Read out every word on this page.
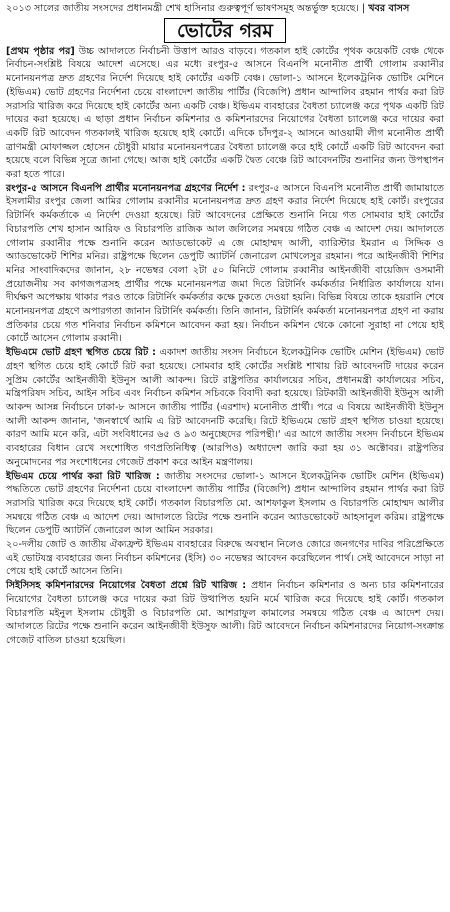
২০১৩ সালের জাতীয় সংসদের প্রধানমন্ত্রী শেখ হাসিনার গুরুত্বপূর্ণ ভাষণসমূহ অন্তর্ভুক্ত হয়েছে। | খবর বাসস

ভোটের গরম

[প্রথম পৃষ্ঠার পর] উচ্চ আদালতে নির্বাচনী উত্তাপ আরও বাড়বে। গতকাল হাই কোর্টের পৃথক কয়েকটি বেঞ্চ থেকে নির্বাচন-সংশ্লিষ্ট বিষয়ে আদেশ এসেছে। এর মধ্যে রংপুর-৫ আসনে বিএনপি মনোনীত প্রার্থী গোলাম রব্বানীর মনোনয়নপত্র দ্রুত গ্রহণের নির্দেশ দিয়েছে হাই কোর্টের একটি বেঞ্চ। ভোলা-১ আসনে ইলেকট্রনিক ভোটিং মেশিনে (ইভিএম) ভোট গ্রহণের নির্দেশনা চেয়ে বাংলাদেশ জাতীয় পার্টির (বিজেপি) প্রধান আন্দালিব রহমান পার্থর করা রিট সরাসরি খারিজ করে দিয়েছে হাই কোর্টের অন্য একটি বেঞ্চ। ইভিএম ব্যবহারের বৈধতা চ্যালেঞ্জ করে পৃথক একটি রিট দায়ের করা হয়েছে। এ ছাড়া প্রধান নির্বাচন কমিশনার ও কমিশনারদের নিয়োগের বৈধতা চ্যালেঞ্জ করে দায়ের করা একটি রিট আবেদন গতকালই খারিজ হয়েছে হাই কোর্টে। এদিকে চাঁদপুর-২ আসনে আওয়ামী লীগ মনোনীত প্রার্থী ত্রাণমন্ত্রী মোফাজ্জল হোসেন চৌধুরী মায়ার মনোনয়নপত্রের বৈধতা চ্যালেঞ্জ করে হাই কোর্টে একটি রিট আবেদন করা হয়েছে বলে বিভিন্ন সূত্রে জানা গেছে। আজ হাই কোর্টের একটি দ্বৈত বেঞ্চে রিট আবেদনটির শুনানির জন্য উপস্থাপন করা হতে পারে।

রংপুর-৫ আসনে বিএনপি প্রার্থীর মনোনয়নপত্র গ্রহণের নির্দেশ : রংপুর-৫ আসনে বিএনপি মনোনীত প্রার্থী জামায়াতে ইসলামীর রংপুর জেলা আমির গোলাম রব্বানীর মনোনয়নপত্র দ্রুত গ্রহণ করার নির্দেশ দিয়েছে হাই কোর্ট। রংপুরের রিটার্নিং কর্মকর্তাকে এ নির্দেশ দেওয়া হয়েছে। রিট আবেদনের প্রেক্ষিতে শুনানি নিয়ে গত সোমবার হাই কোর্টের বিচারপতি শেখ হাসান আরিফ ও বিচারপতি রাজিক আল জলিলের সমন্বয়ে গঠিত বেঞ্চ এ আদেশ দেয়। আদালতে গোলাম রব্বানীর পক্ষে শুনানি করেন অ্যাডভোকেট এ জে মোহাম্মদ আলী, ব্যারিস্টার ইমরান এ সিদ্দিক ও অ্যাডভোকেট শিশির মনির। রাষ্ট্রপক্ষে ছিলেন ডেপুটি অ্যাটর্নি জেনারেল মোখলেসুর রহমান। পরে আইনজীবী শিশির মনির সাংবাদিকদের জানান, ২৮ নভেম্বর বেলা ২টা ৫০ মিনিটে গোলাম রব্বানীর আইনজীবী বায়েজিদ ওসমানী প্রয়োজনীয় সব কাগজপত্রসহ প্রার্থীর পক্ষে মনোনয়নপত্র জমা দিতে রিটার্নিং কর্মকর্তার নির্ধারিত কার্যালয়ে যান। দীর্ঘক্ষণ অপেক্ষায় থাকার পরও তাকে রিটার্নিং কর্মকর্তার কক্ষে ঢুকতে দেওয়া হয়নি। বিভিন্ন বিষয়ে তাকে হয়রানি শেষে মনোনয়নপত্র গ্রহণে অপারগতা জানান রিটার্নিং কর্মকর্তা। তিনি জানান, রিটার্নিং কর্মকর্তা মনোনয়নপত্র গ্রহণ না করায় প্রতিকার চেয়ে গত শনিবার নির্বাচন কমিশনে আবেদন করা হয়। নির্বাচন কমিশন থেকে কোনো সুরাহা না পেয়ে হাই কোর্টে আসেন গোলাম রব্বানী।

ইভিএমে ভোট গ্রহণ স্থগিত চেয়ে রিট : একাদশ জাতীয় সংসদ নির্বাচনে ইলেকট্রনিক ভোটিং মেশিন (ইভিএম) ভোট গ্রহণ স্থগিত চেয়ে হাই কোর্টে রিট করা হয়েছে। সোমবার হাই কোর্টের সংশ্লিষ্ট শাখায় রিট আবেদনটি দায়ের করেন সুপ্রিম কোর্টের আইনজীবী ইউনুস আলী আকন্দ। রিটে রাষ্ট্রপতির কার্যালয়ের সচিব, প্রধানমন্ত্রী কার্যালয়ের সচিব, মন্ত্রিপরিষদ সচিব, আইন সচিব এবং নির্বাচন কমিশন সচিবকে বিবাদী করা হয়েছে। রিটকারী আইনজীবী ইউনুস আলী আকন্দ আসন্ন নির্বাচনে ঢাকা-৮ আসনে জাতীয় পার্টির (এরশাদ) মনোনীত প্রার্থী। পরে এ বিষয়ে আইনজীবী ইউনুস আলী আকন্দ জানান, 'জনস্বার্থে আমি এ রিট আবেদনটি করেছি। রিটে ইভিএমে ভোট গ্রহণ স্থগিত চাওয়া হয়েছে। কারণ আমি মনে করি, এটা সংবিধানের ৬৫ ও ৯৩ অনুচ্ছেদের পরিপন্থী।' এর আগে জাতীয় সংসদ নির্বাচনে ইভিএম ব্যবহারের বিধান রেখে সংশোধিত গণপ্রতিনিধিত্ব (আরপিও) অধ্যাদেশ জারি করা হয় ৩১ অক্টোবর। রাষ্ট্রপতির অনুমোদনের পর সংশোধনের গেজেট প্রকাশ করে আইন মন্ত্রণালয়।

ইভিএম চেয়ে পার্থর করা রিট খারিজ : জাতীয় সংসদের ভোলা-১ আসনে ইলেকট্রনিক ভোটিং মেশিন (ইভিএম) পদ্ধতিতে ভোট গ্রহণের নির্দেশনা চেয়ে বাংলাদেশ জাতীয় পার্টির (বিজেপি) প্রধান আন্দালিব রহমান পার্থর করা রিট সরাসরি খারিজ করে দিয়েছে হাই কোর্ট। গতকাল বিচারপতি মো. আশফাকুল ইসলাম ও বিচারপতি মোহাম্মদ আলীর সমন্বয়ে গঠিত বেঞ্চ এ আদেশ দেয়। আদালতে রিটের পক্ষে শুনানি করেন অ্যাডভোকেট আহসানুল করিম। রাষ্ট্রপক্ষে ছিলেন ডেপুটি অ্যাটর্নি জেনারেল আল আমিন সরকার।

২০-দলীয় জোট ও জাতীয় ঐক্যফ্রন্ট ইভিএম ব্যবহারের বিরুদ্ধে অবস্থান নিলেও জোরে জনগণের দাবির পরিপ্রেক্ষিতে এই ভোটযন্ত্র ব্যবহারের জন্য নির্বাচন কমিশনের (ইসি) ৩০ নভেম্বর আবেদন করেছিলেন পার্থ। সেই আবেদনে সাড়া না পেয়ে হাই কোর্টে আসেন তিনি।

সিইসিসহ কমিশনারদের নিয়োগের বৈধতা প্রশ্নে রিট খারিজ : প্রধান নির্বাচন কমিশনার ও অন্য চার কমিশনারের নিয়োগের বৈধতা চ্যালেঞ্জ করে দায়ের করা রিট উত্থাপিত হয়নি মর্মে খারিজ করে দিয়েছে হাই কোর্ট। গতকাল বিচারপতি মইনুল ইসলাম চৌধুরী ও বিচারপতি মো. আশরাফুল কামালের সমন্বয়ে গঠিত বেঞ্চ এ আদেশ দেয়। আদালতে রিটের পক্ষে শুনানি করেন আইনজীবী ইউসুফ আলী। রিট আবেদনে নির্বাচন কমিশনারদের নিয়োগ-সংক্রান্ত গেজেট বাতিল চাওয়া হয়েছিল।
